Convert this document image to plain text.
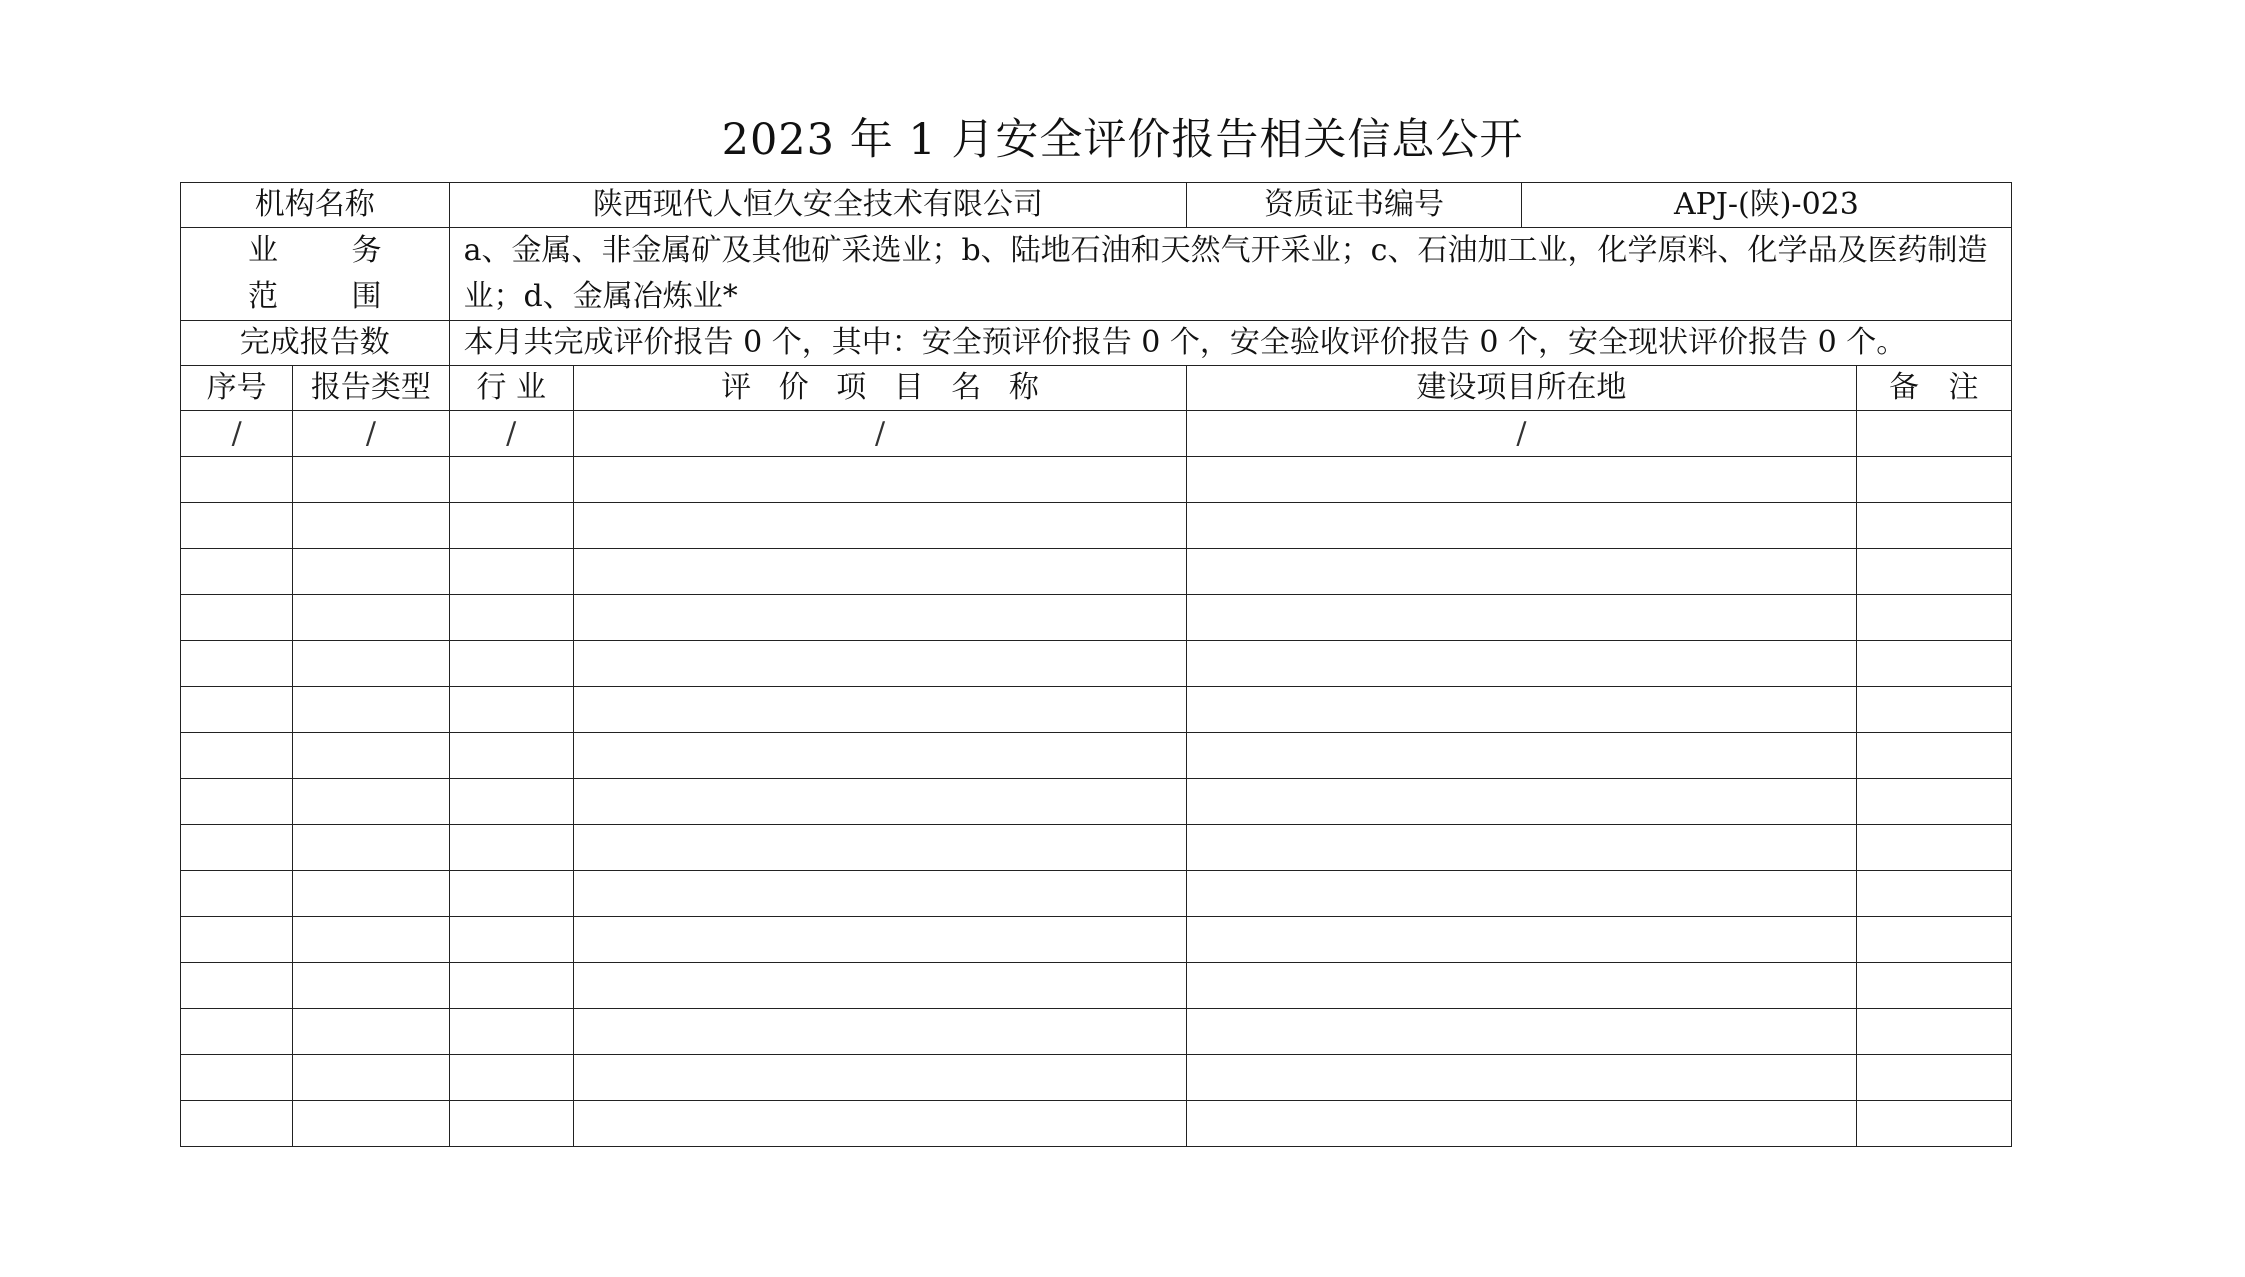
2023 年 1 月安全评价报告相关信息公开
机构名称		陕西现代人恒久安全技术有限公司		资质证书编号	APJ-(陕)-023	

业 务
范 围		a、金属、非金属矿及其他矿采选业；b、陆地石油和天然气开采业；c、石油加工业，化学原料、化学品及医药制造业；d、金属冶炼业*				
完成报告数		本月共完成评价报告 0 个，其中：安全预评价报告 0 个，安全验收评价报告 0 个，安全现状评价报告 0 个。				
序号	报告类型	行 业	评 价 项 目 名 称	建设项目所在地		备 注
/	/	/	/	/		
